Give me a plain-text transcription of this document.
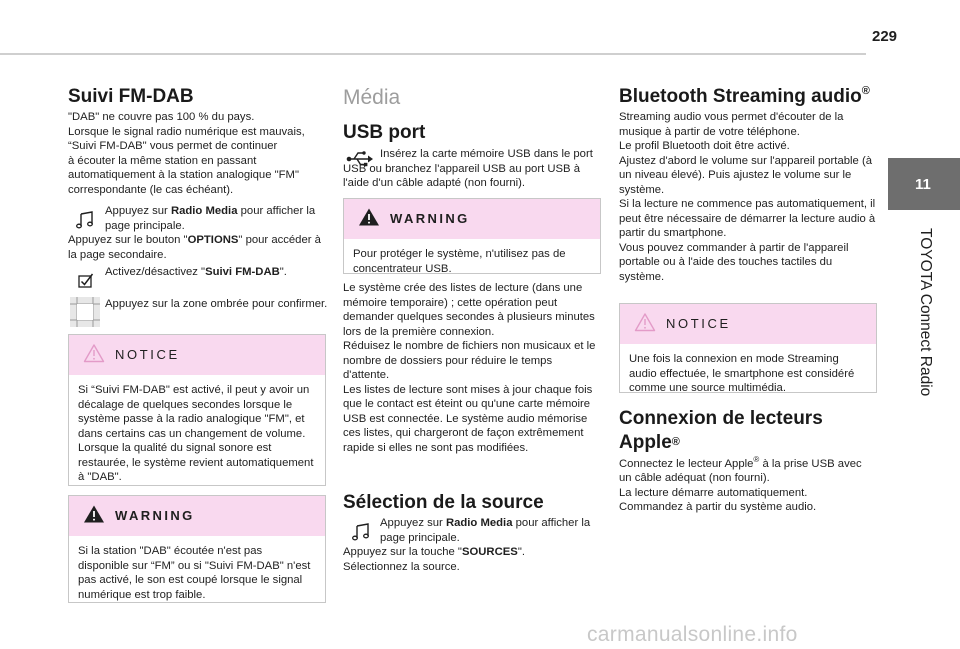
229
11
TOYOTA Connect Radio
Suivi FM-DAB

"DAB" ne couvre pas 100 % du pays.

Lorsque le signal radio numérique est mauvais, “Suivi FM-DAB" vous permet de continuer

à écouter la même station en passant

automatiquement à la station analogique "FM"

correspondante (le cas échéant).

Appuyez sur Radio Media pour afficher la page principale.

Appuyez sur le bouton "OPTIONS" pour accéder à la page secondaire.

Activez/désactivez "Suivi FM-DAB".

Appuyez sur la zone ombrée pour confirmer.

NOTICE
Si “Suivi FM-DAB" est activé, il peut y avoir un décalage de quelques secondes lorsque le système passe à la radio analogique "FM", et dans certains cas un changement de volume. Lorsque la qualité du signal sonore est restaurée, le système revient automatiquement à "DAB".
WARNING
Si la station "DAB" écoutée n'est pas disponible sur “FM” ou si "Suivi FM-DAB" n'est pas activé, le son est coupé lorsque le signal numérique est trop faible.
Média
USB port

Insérez la carte mémoire USB dans le port USB ou branchez l'appareil USB au port USB à l'aide d'un câble adapté (non fourni).

WARNING
Pour protéger le système, n'utilisez pas de concentrateur USB.

Le système crée des listes de lecture (dans une mémoire temporaire) ; cette opération peut demander quelques secondes à plusieurs minutes lors de la première connexion.

Réduisez le nombre de fichiers non musicaux et le nombre de dossiers pour réduire le temps d'attente.

Les listes de lecture sont mises à jour chaque fois que le contact est éteint ou qu'une carte mémoire USB est connectée. Le système audio mémorise ces listes, qui chargeront de façon extrêmement rapide si elles ne sont pas modifiées.

Sélection de la source

Appuyez sur Radio Media pour afficher la page principale.

Appuyez sur la touche "SOURCES".

Sélectionnez la source.

Bluetooth Streaming audio®

Streaming audio vous permet d'écouter de la musique à partir de votre téléphone.

Le profil Bluetooth doit être activé.

Ajustez d'abord le volume sur l'appareil portable (à un niveau élevé). Puis ajustez le volume sur le système.

Si la lecture ne commence pas automatiquement, il peut être nécessaire de démarrer la lecture audio à partir du smartphone.

Vous pouvez commander à partir de l'appareil portable ou à l'aide des touches tactiles du système.

NOTICE
Une fois la connexion en mode Streaming audio effectuée, le smartphone est considéré comme une source multimédia.
Connexion de lecteurs
Apple®

Connectez le lecteur Apple® à la prise USB avec un câble adéquat (non fourni).

La lecture démarre automatiquement.

Commandez à partir du système audio.

carmanualsonline.info
